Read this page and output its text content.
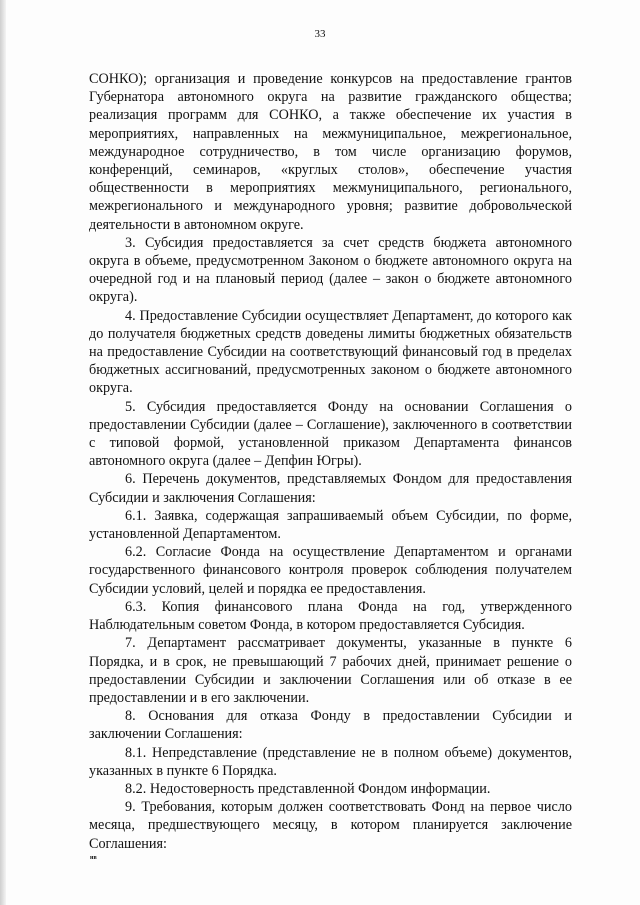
33

СОНКО); организация и проведение конкурсов на предоставление грантов Губернатора автономного округа на развитие гражданского общества; реализация программ для СОНКО, а также обеспечение их участия в мероприятиях, направленных на межмуниципальное, межрегиональное, международное сотрудничество, в том числе организацию форумов, конференций, семинаров, «круглых столов», обеспечение участия общественности в мероприятиях межмуниципального, регионального, межрегионального и международного уровня; развитие добровольческой деятельности в автономном округе.

3. Субсидия предоставляется за счет средств бюджета автономного округа в объеме, предусмотренном Законом о бюджете автономного округа на очередной год и на плановый период (далее – закон о бюджете автономного округа).

4. Предоставление Субсидии осуществляет Департамент, до которого как до получателя бюджетных средств доведены лимиты бюджетных обязательств на предоставление Субсидии на соответствующий финансовый год в пределах бюджетных ассигнований, предусмотренных законом о бюджете автономного округа.

5. Субсидия предоставляется Фонду на основании Соглашения о предоставлении Субсидии (далее – Соглашение), заключенного в соответствии с типовой формой, установленной приказом Департамента финансов автономного округа (далее – Депфин Югры).

6. Перечень документов, представляемых Фондом для предоставления Субсидии и заключения Соглашения:

6.1. Заявка, содержащая запрашиваемый объем Субсидии, по форме, установленной Департаментом.

6.2. Согласие Фонда на осуществление Департаментом и органами государственного финансового контроля проверок соблюдения получателем Субсидии условий, целей и порядка ее предоставления.

6.3. Копия финансового плана Фонда на год, утвержденного Наблюдательным советом Фонда, в котором предоставляется Субсидия.

7. Департамент рассматривает документы, указанные в пункте 6 Порядка, и в срок, не превышающий 7 рабочих дней, принимает решение о предоставлении Субсидии и заключении Соглашения или об отказе в ее предоставлении и в его заключении.

8. Основания для отказа Фонду в предоставлении Субсидии и заключении Соглашения:

8.1. Непредставление (представление не в полном объеме) документов, указанных в пункте 6 Порядка.

8.2. Недостоверность представленной Фондом информации.

9. Требования, которым должен соответствовать Фонд на первое число месяца, предшествующего месяцу, в котором планируется заключение Соглашения:

нв
